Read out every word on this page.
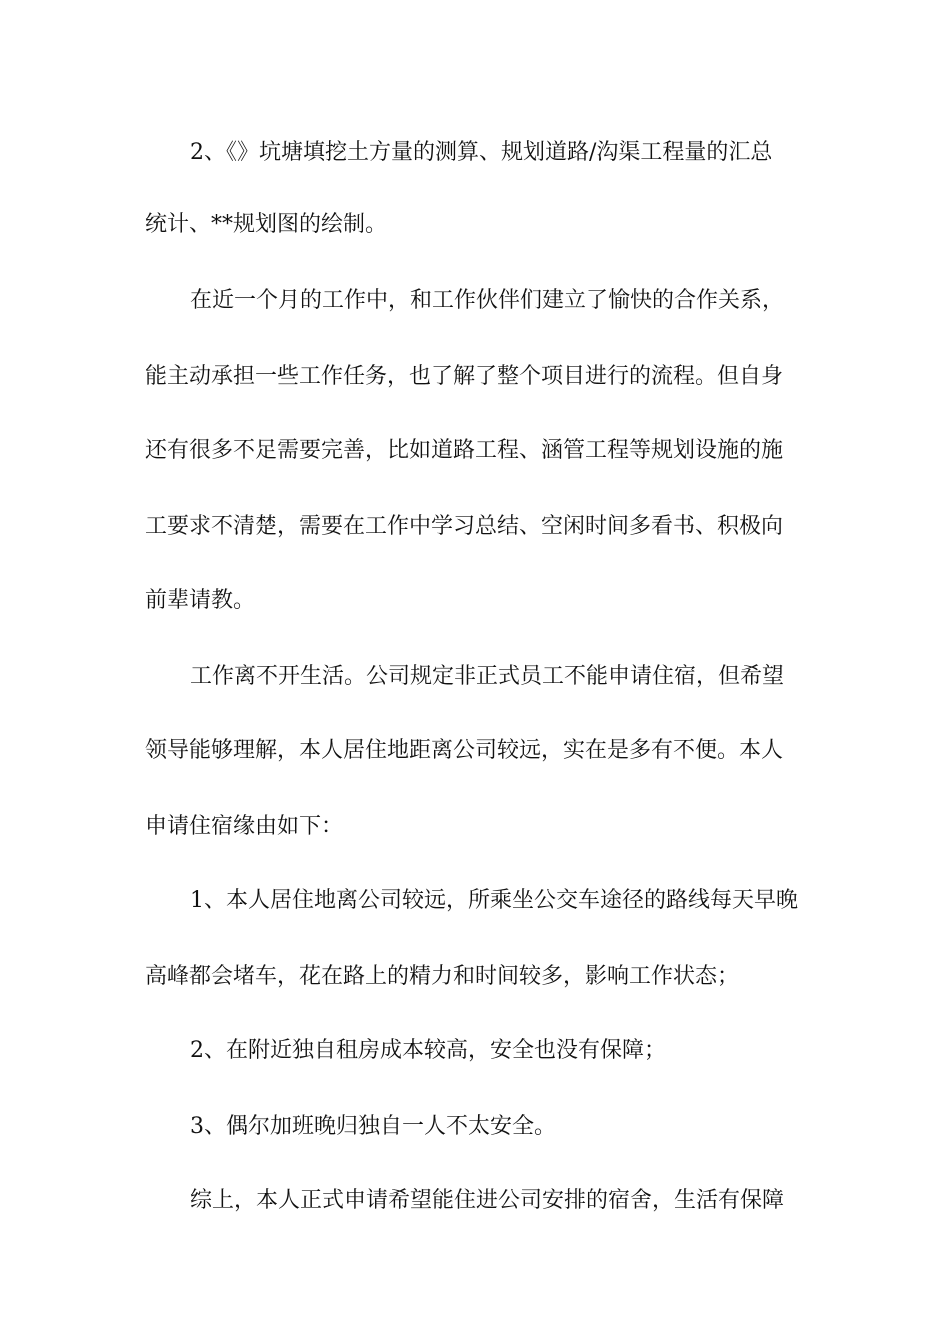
2、《》坑塘填挖土方量的测算、规划道路/沟渠工程量的汇总
统计、**规划图的绘制。
在近一个月的工作中，和工作伙伴们建立了愉快的合作关系，
能主动承担一些工作任务，也了解了整个项目进行的流程。但自身
还有很多不足需要完善，比如道路工程、涵管工程等规划设施的施
工要求不清楚，需要在工作中学习总结、空闲时间多看书、积极向
前辈请教。
工作离不开生活。公司规定非正式员工不能申请住宿，但希望
领导能够理解，本人居住地距离公司较远，实在是多有不便。本人
申请住宿缘由如下：
1、本人居住地离公司较远，所乘坐公交车途径的路线每天早晚
高峰都会堵车，花在路上的精力和时间较多，影响工作状态；
2、在附近独自租房成本较高，安全也没有保障；
3、偶尔加班晚归独自一人不太安全。
综上，本人正式申请希望能住进公司安排的宿舍，生活有保障
